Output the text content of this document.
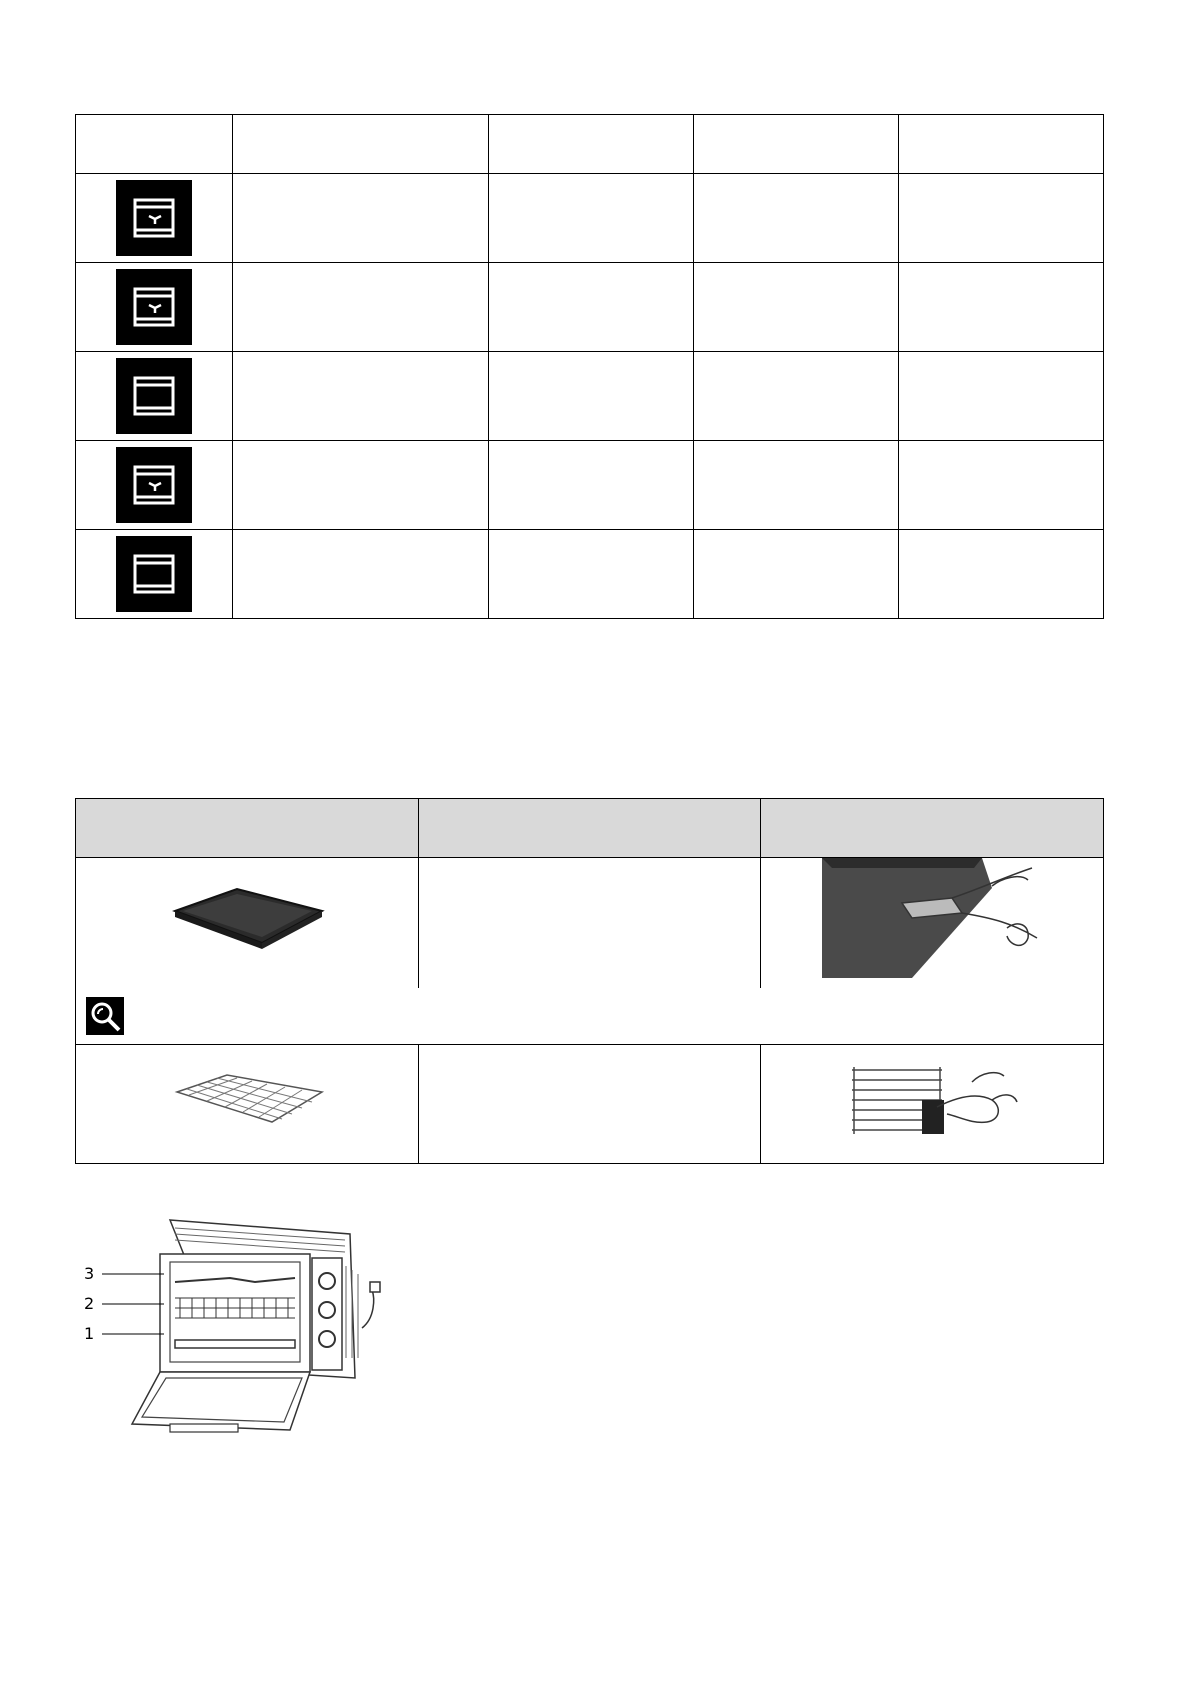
3
2
1
